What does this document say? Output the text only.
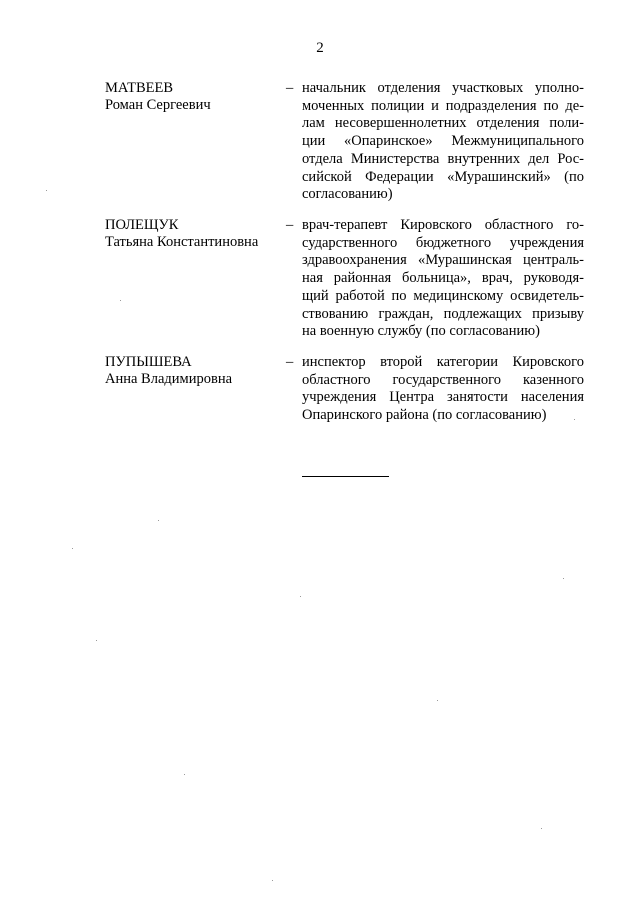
2
МАТВЕЕВ
Роман Сергеевич
– начальник отделения участковых уполно-
моченных полиции и подразделения по де-
лам несовершеннолетних отделения поли-
ции «Опаринское» Межмуниципального
отдела Министерства внутренних дел Рос-
сийской Федерации «Мурашинский» (по
согласованию)
ПОЛЕЩУК
Татьяна Константиновна
– врач-терапевт Кировского областного го-
сударственного бюджетного учреждения
здравоохранения «Мурашинская централь-
ная районная больница», врач, руководя-
щий работой по медицинскому освидетель-
ствованию граждан, подлежащих призыву
на военную службу (по согласованию)
ПУПЫШЕВА
Анна Владимировна
– инспектор второй категории Кировского
областного государственного казенного
учреждения Центра занятости населения
Опаринского района (по согласованию)
